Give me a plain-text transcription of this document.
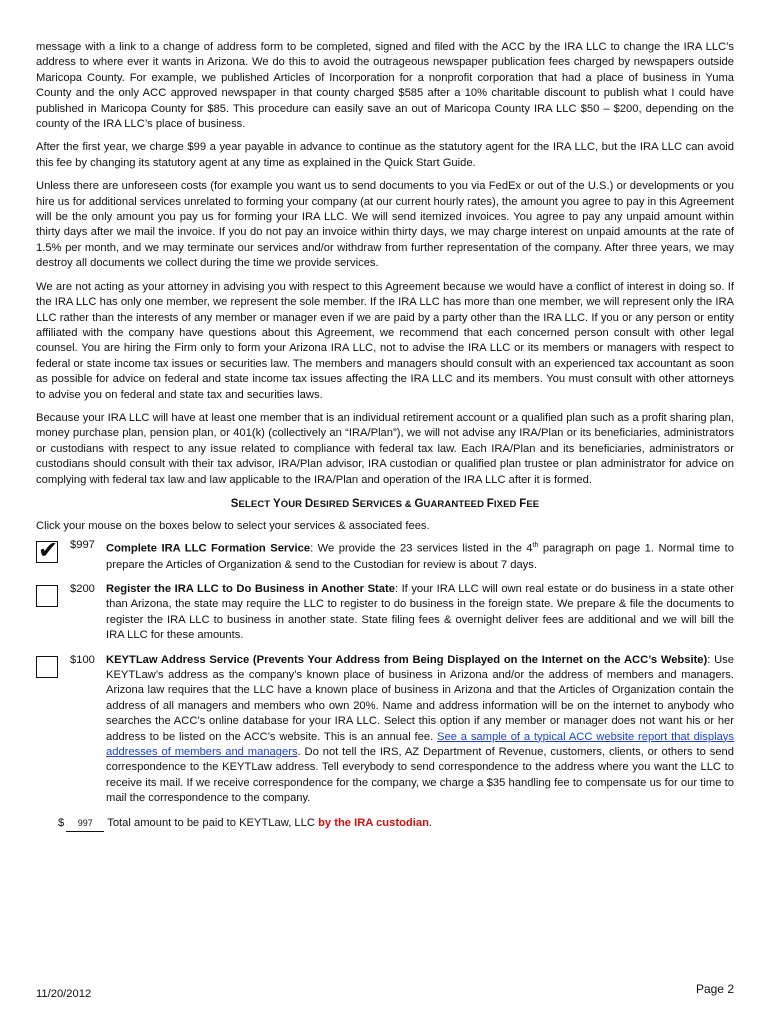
message with a link to a change of address form to be completed, signed and filed with the ACC by the IRA LLC to change the IRA LLC’s address to where ever it wants in Arizona. We do this to avoid the outrageous newspaper publication fees charged by newspapers outside Maricopa County. For example, we published Articles of Incorporation for a nonprofit corporation that had a place of business in Yuma County and the only ACC approved newspaper in that county charged $585 after a 10% charitable discount to publish what I could have published in Maricopa County for $85. This procedure can easily save an out of Maricopa County IRA LLC $50 – $200, depending on the county of the IRA LLC’s place of business.

After the first year, we charge $99 a year payable in advance to continue as the statutory agent for the IRA LLC, but the IRA LLC can avoid this fee by changing its statutory agent at any time as explained in the Quick Start Guide.

Unless there are unforeseen costs (for example you want us to send documents to you via FedEx or out of the U.S.) or developments or you hire us for additional services unrelated to forming your company (at our current hourly rates), the amount you agree to pay in this Agreement will be the only amount you pay us for forming your IRA LLC. We will send itemized invoices. You agree to pay any unpaid amount within thirty days after we mail the invoice. If you do not pay an invoice within thirty days, we may charge interest on unpaid amounts at the rate of 1.5% per month, and we may terminate our services and/or withdraw from further representation of the company. After three years, we may destroy all documents we collect during the time we provide services.

We are not acting as your attorney in advising you with respect to this Agreement because we would have a conflict of interest in doing so. If the IRA LLC has only one member, we represent the sole member. If the IRA LLC has more than one member, we will represent only the IRA LLC rather than the interests of any member or manager even if we are paid by a party other than the IRA LLC. If you or any person or entity affiliated with the company have questions about this Agreement, we recommend that each concerned person consult with other legal counsel. You are hiring the Firm only to form your Arizona IRA LLC, not to advise the IRA LLC or its members or managers with respect to federal or state income tax issues or securities law. The members and managers should consult with an experienced tax accountant as soon as possible for advice on federal and state income tax issues affecting the IRA LLC and its members. You must consult with other attorneys to advise you on federal and state tax and securities laws.

Because your IRA LLC will have at least one member that is an individual retirement account or a qualified plan such as a profit sharing plan, money purchase plan, pension plan, or 401(k) (collectively an “IRA/Plan”), we will not advise any IRA/Plan or its beneficiaries, administrators or custodians with respect to any issue related to compliance with federal tax law. Each IRA/Plan and its beneficiaries, administrators or custodians should consult with their tax advisor, IRA/Plan advisor, IRA custodian or qualified plan trustee or plan administrator for advice on complying with federal tax law and law applicable to the IRA/Plan and operation of the IRA LLC after it is formed.

SELECT YOUR DESIRED SERVICES & GUARANTEED FIXED FEE
Click your mouse on the boxes below to select your services & associated fees.
✔ $997 Complete IRA LLC Formation Service: We provide the 23 services listed in the 4th paragraph on page 1. Normal time to prepare the Articles of Organization & send to the Custodian for review is about 7 days.
$200 Register the IRA LLC to Do Business in Another State: If your IRA LLC will own real estate or do business in a state other than Arizona, the state may require the LLC to register to do business in the foreign state. We prepare & file the documents to register the IRA LLC to business in another state. State filing fees & overnight deliver fees are additional and we will bill the IRA LLC for these amounts.
$100 KEYTLaw Address Service (Prevents Your Address from Being Displayed on the Internet on the ACC’s Website): Use KEYTLaw’s address as the company’s known place of business in Arizona and/or the address of members and managers. Arizona law requires that the LLC have a known place of business in Arizona and that the Articles of Organization contain the address of all managers and members who own 20%. Name and address information will be on the internet to anybody who searches the ACC’s online database for your IRA LLC. Select this option if any member or manager does not want his or her address to be listed on the ACC’s website. This is an annual fee. See a sample of a typical ACC website report that displays addresses of members and managers. Do not tell the IRS, AZ Department of Revenue, customers, clients, or others to send correspondence to the KEYTLaw address. Tell everybody to send correspondence to the address where you want the LLC to receive its mail. If we receive correspondence for the company, we charge a $35 handling fee to compensate us for our time to mail the correspondence to the company.
$ 997 Total amount to be paid to KEYTLaw, LLC by the IRA custodian.
11/20/2012	Page 2
